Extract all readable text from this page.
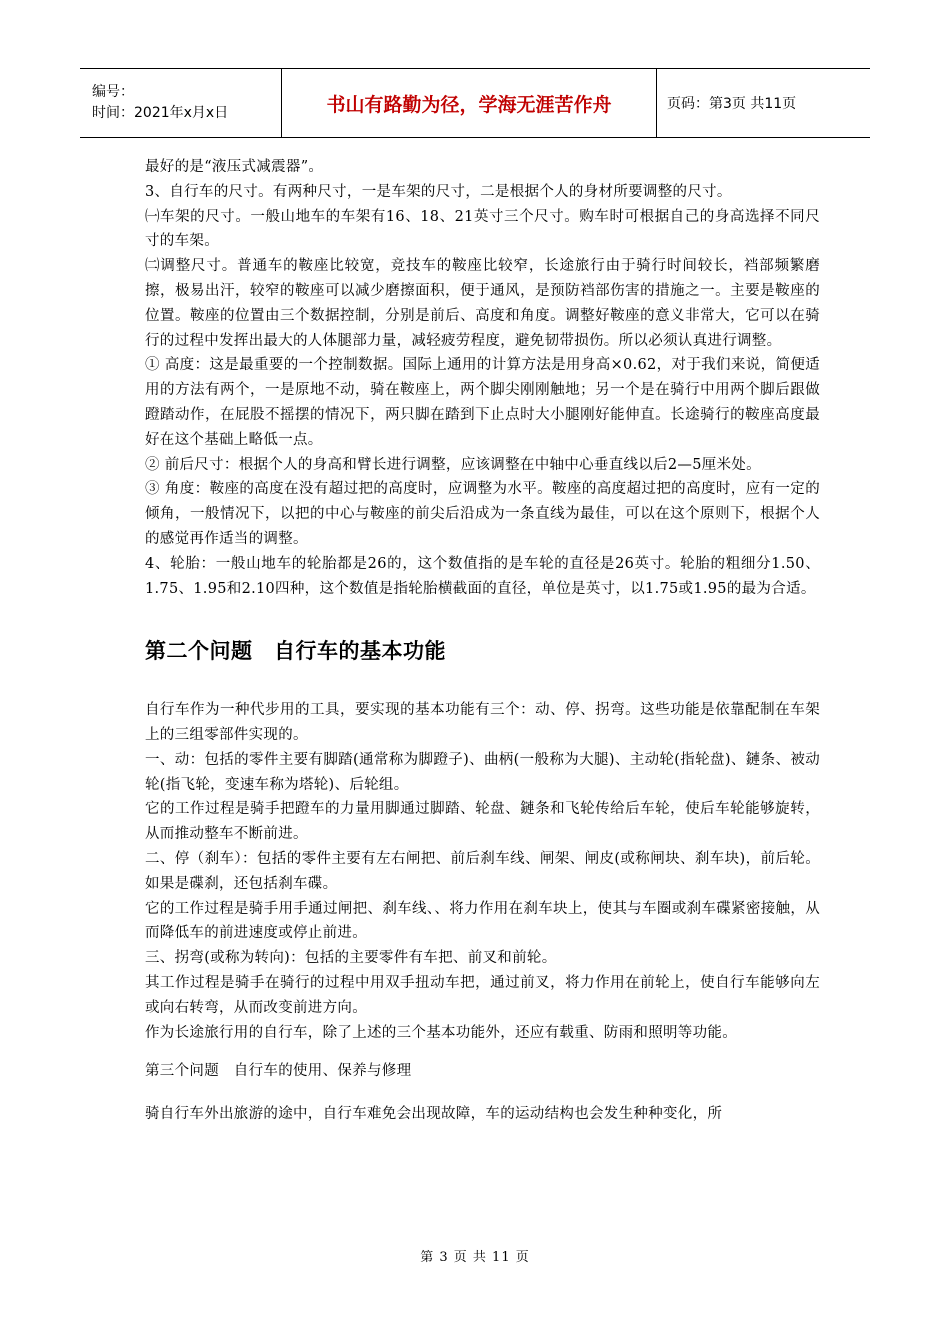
编号：
时间：2021年x月x日	书山有路勤为径，学海无涯苦作舟	页码：第3页 共11页

最好的是“液压式减震器”。

3、自行车的尺寸。有两种尺寸，一是车架的尺寸，二是根据个人的身材所要调整的尺寸。

㈠车架的尺寸。一般山地车的车架有16、18、21英寸三个尺寸。购车时可根据自己的身高选择不同尺寸的车架。

㈡调整尺寸。普通车的鞍座比较宽，竞技车的鞍座比较窄，长途旅行由于骑行时间较长，裆部频繁磨擦，极易出汗，较窄的鞍座可以减少磨擦面积，便于通风，是预防裆部伤害的措施之一。主要是鞍座的位置。鞍座的位置由三个数据控制，分别是前后、高度和角度。调整好鞍座的意义非常大，它可以在骑行的过程中发挥出最大的人体腿部力量，减轻疲劳程度，避免韧带损伤。所以必须认真进行调整。

① 高度：这是最重要的一个控制数据。国际上通用的计算方法是用身高×0.62，对于我们来说，简便适用的方法有两个，一是原地不动，骑在鞍座上，两个脚尖刚刚触地；另一个是在骑行中用两个脚后跟做蹬踏动作，在屁股不摇摆的情况下，两只脚在踏到下止点时大小腿刚好能伸直。长途骑行的鞍座高度最好在这个基础上略低一点。

② 前后尺寸：根据个人的身高和臂长进行调整，应该调整在中轴中心垂直线以后2—5厘米处。

③ 角度：鞍座的高度在没有超过把的高度时，应调整为水平。鞍座的高度超过把的高度时，应有一定的倾角，一般情况下，以把的中心与鞍座的前尖后沿成为一条直线为最佳，可以在这个原则下，根据个人的感觉再作适当的调整。

4、轮胎：一般山地车的轮胎都是26的，这个数值指的是车轮的直径是26英寸。轮胎的粗细分1.50、1.75、1.95和2.10四种，这个数值是指轮胎横截面的直径，单位是英寸，以1.75或1.95的最为合适。

第二个问题　自行车的基本功能

自行车作为一种代步用的工具，要实现的基本功能有三个：动、停、拐弯。这些功能是依靠配制在车架上的三组零部件实现的。

一、动：包括的零件主要有脚踏(通常称为脚蹬子)、曲柄(一般称为大腿)、主动轮(指轮盘)、鏈条、被动轮(指飞轮，变速车称为塔轮)、后轮组。

它的工作过程是骑手把蹬车的力量用脚通过脚踏、轮盘、鏈条和飞轮传给后车轮，使后车轮能够旋转，从而推动整车不断前进。

二、停（刹车）：包括的零件主要有左右闸把、前后刹车线、闸架、闸皮(或称闸块、刹车块)，前后轮。如果是碟刹，还包括刹车碟。

它的工作过程是骑手用手通过闸把、刹车线、、将力作用在刹车块上，使其与车圈或刹车碟紧密接触，从而降低车的前进速度或停止前进。

三、拐弯(或称为转向)：包括的主要零件有车把、前叉和前轮。

其工作过程是骑手在骑行的过程中用双手扭动车把，通过前叉，将力作用在前轮上，使自行车能够向左或向右转弯，从而改变前进方向。

作为长途旅行用的自行车，除了上述的三个基本功能外，还应有载重、防雨和照明等功能。

第三个问题　自行车的使用、保养与修理

骑自行车外出旅游的途中，自行车难免会出现故障，车的运动结构也会发生种种变化，所

第 3 页 共 11 页
